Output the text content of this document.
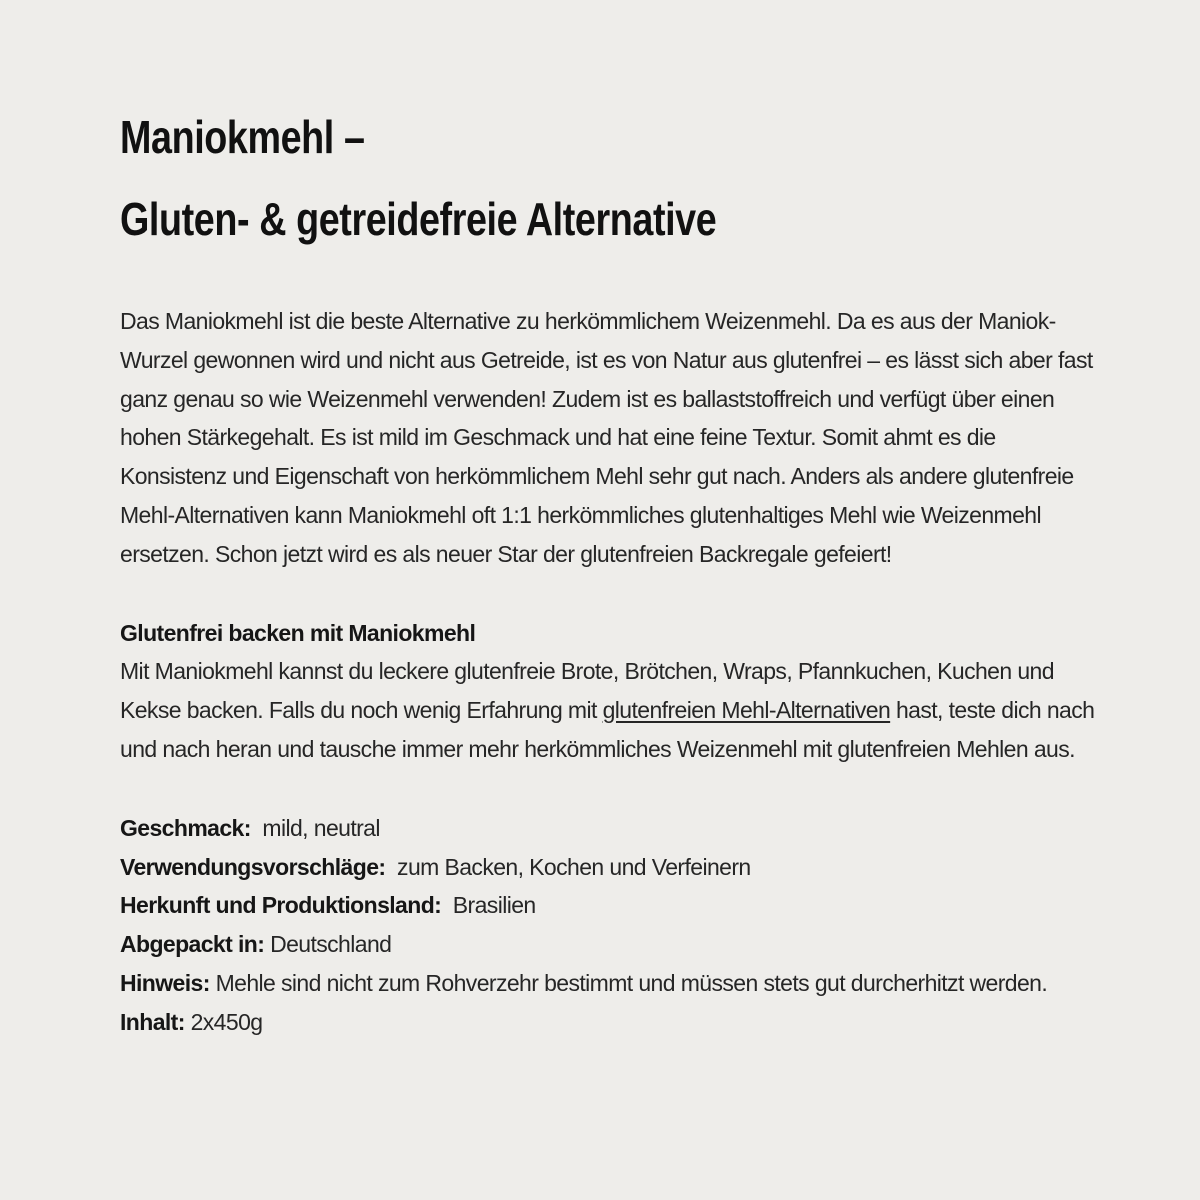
Maniokmehl –
Gluten- & getreidefreie Alternative

Das Maniokmehl ist die beste Alternative zu herkömmlichem Weizenmehl. Da es aus der Maniok-Wurzel gewonnen wird und nicht aus Getreide, ist es von Natur aus glutenfrei – es lässt sich aber fast ganz genau so wie Weizenmehl verwenden! Zudem ist es ballaststoffreich und verfügt über einen hohen Stärkegehalt. Es ist mild im Geschmack und hat eine feine Textur. Somit ahmt es die Konsistenz und Eigenschaft von herkömmlichem Mehl sehr gut nach. Anders als andere glutenfreie Mehl-Alternativen kann Maniokmehl oft 1:1 herkömmliches glutenhaltiges Mehl wie Weizenmehl ersetzen. Schon jetzt wird es als neuer Star der glutenfreien Backregale gefeiert!

Glutenfrei backen mit Maniokmehl
Mit Maniokmehl kannst du leckere glutenfreie Brote, Brötchen, Wraps, Pfannkuchen, Kuchen und Kekse backen. Falls du noch wenig Erfahrung mit glutenfreien Mehl-Alternativen hast, teste dich nach und nach heran und tausche immer mehr herkömmliches Weizenmehl mit glutenfreien Mehlen aus.
Geschmack: mild, neutral
Verwendungsvorschläge: zum Backen, Kochen und Verfeinern
Herkunft und Produktionsland: Brasilien
Abgepackt in: Deutschland
Hinweis: Mehle sind nicht zum Rohverzehr bestimmt und müssen stets gut durcherhitzt werden.
Inhalt: 2x450g
